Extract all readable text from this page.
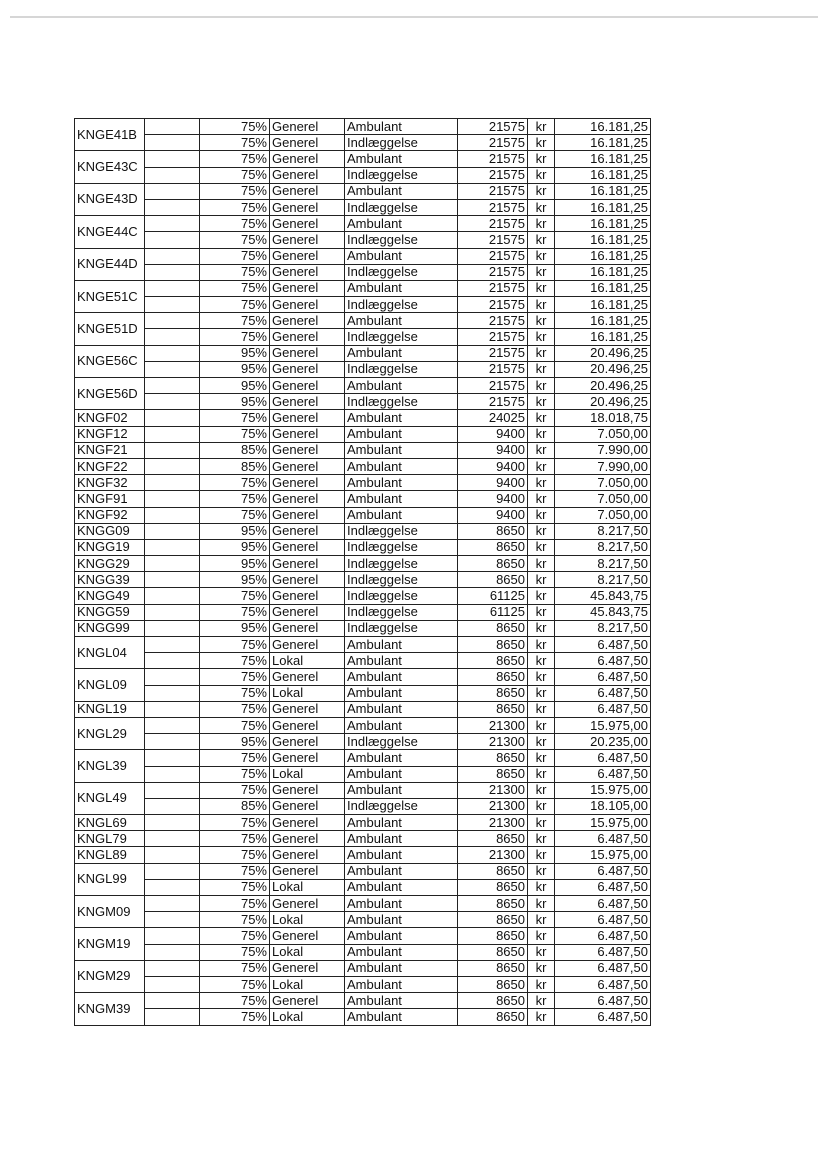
KNGE41B		75%	Generel	Ambulant	21575	kr	16.181,25
		75%	Generel	Indlæggelse	21575	kr	16.181,25
KNGE43C		75%	Generel	Ambulant	21575	kr	16.181,25
		75%	Generel	Indlæggelse	21575	kr	16.181,25
KNGE43D		75%	Generel	Ambulant	21575	kr	16.181,25
		75%	Generel	Indlæggelse	21575	kr	16.181,25
KNGE44C		75%	Generel	Ambulant	21575	kr	16.181,25
		75%	Generel	Indlæggelse	21575	kr	16.181,25
KNGE44D		75%	Generel	Ambulant	21575	kr	16.181,25
		75%	Generel	Indlæggelse	21575	kr	16.181,25
KNGE51C		75%	Generel	Ambulant	21575	kr	16.181,25
		75%	Generel	Indlæggelse	21575	kr	16.181,25
KNGE51D		75%	Generel	Ambulant	21575	kr	16.181,25
		75%	Generel	Indlæggelse	21575	kr	16.181,25
KNGE56C		95%	Generel	Ambulant	21575	kr	20.496,25
		95%	Generel	Indlæggelse	21575	kr	20.496,25
KNGE56D		95%	Generel	Ambulant	21575	kr	20.496,25
		95%	Generel	Indlæggelse	21575	kr	20.496,25
KNGF02		75%	Generel	Ambulant	24025	kr	18.018,75
KNGF12		75%	Generel	Ambulant	9400	kr	7.050,00
KNGF21		85%	Generel	Ambulant	9400	kr	7.990,00
KNGF22		85%	Generel	Ambulant	9400	kr	7.990,00
KNGF32		75%	Generel	Ambulant	9400	kr	7.050,00
KNGF91		75%	Generel	Ambulant	9400	kr	7.050,00
KNGF92		75%	Generel	Ambulant	9400	kr	7.050,00
KNGG09		95%	Generel	Indlæggelse	8650	kr	8.217,50
KNGG19		95%	Generel	Indlæggelse	8650	kr	8.217,50
KNGG29		95%	Generel	Indlæggelse	8650	kr	8.217,50
KNGG39		95%	Generel	Indlæggelse	8650	kr	8.217,50
KNGG49		75%	Generel	Indlæggelse	61125	kr	45.843,75
KNGG59		75%	Generel	Indlæggelse	61125	kr	45.843,75
KNGG99		95%	Generel	Indlæggelse	8650	kr	8.217,50
KNGL04		75%	Generel	Ambulant	8650	kr	6.487,50
		75%	Lokal	Ambulant	8650	kr	6.487,50
KNGL09		75%	Generel	Ambulant	8650	kr	6.487,50
		75%	Lokal	Ambulant	8650	kr	6.487,50
KNGL19		75%	Generel	Ambulant	8650	kr	6.487,50
KNGL29		75%	Generel	Ambulant	21300	kr	15.975,00
		95%	Generel	Indlæggelse	21300	kr	20.235,00
KNGL39		75%	Generel	Ambulant	8650	kr	6.487,50
		75%	Lokal	Ambulant	8650	kr	6.487,50
KNGL49		75%	Generel	Ambulant	21300	kr	15.975,00
		85%	Generel	Indlæggelse	21300	kr	18.105,00
KNGL69		75%	Generel	Ambulant	21300	kr	15.975,00
KNGL79		75%	Generel	Ambulant	8650	kr	6.487,50
KNGL89		75%	Generel	Ambulant	21300	kr	15.975,00
KNGL99		75%	Generel	Ambulant	8650	kr	6.487,50
		75%	Lokal	Ambulant	8650	kr	6.487,50
KNGM09		75%	Generel	Ambulant	8650	kr	6.487,50
		75%	Lokal	Ambulant	8650	kr	6.487,50
KNGM19		75%	Generel	Ambulant	8650	kr	6.487,50
		75%	Lokal	Ambulant	8650	kr	6.487,50
KNGM29		75%	Generel	Ambulant	8650	kr	6.487,50
		75%	Lokal	Ambulant	8650	kr	6.487,50
KNGM39		75%	Generel	Ambulant	8650	kr	6.487,50
		75%	Lokal	Ambulant	8650	kr	6.487,50
